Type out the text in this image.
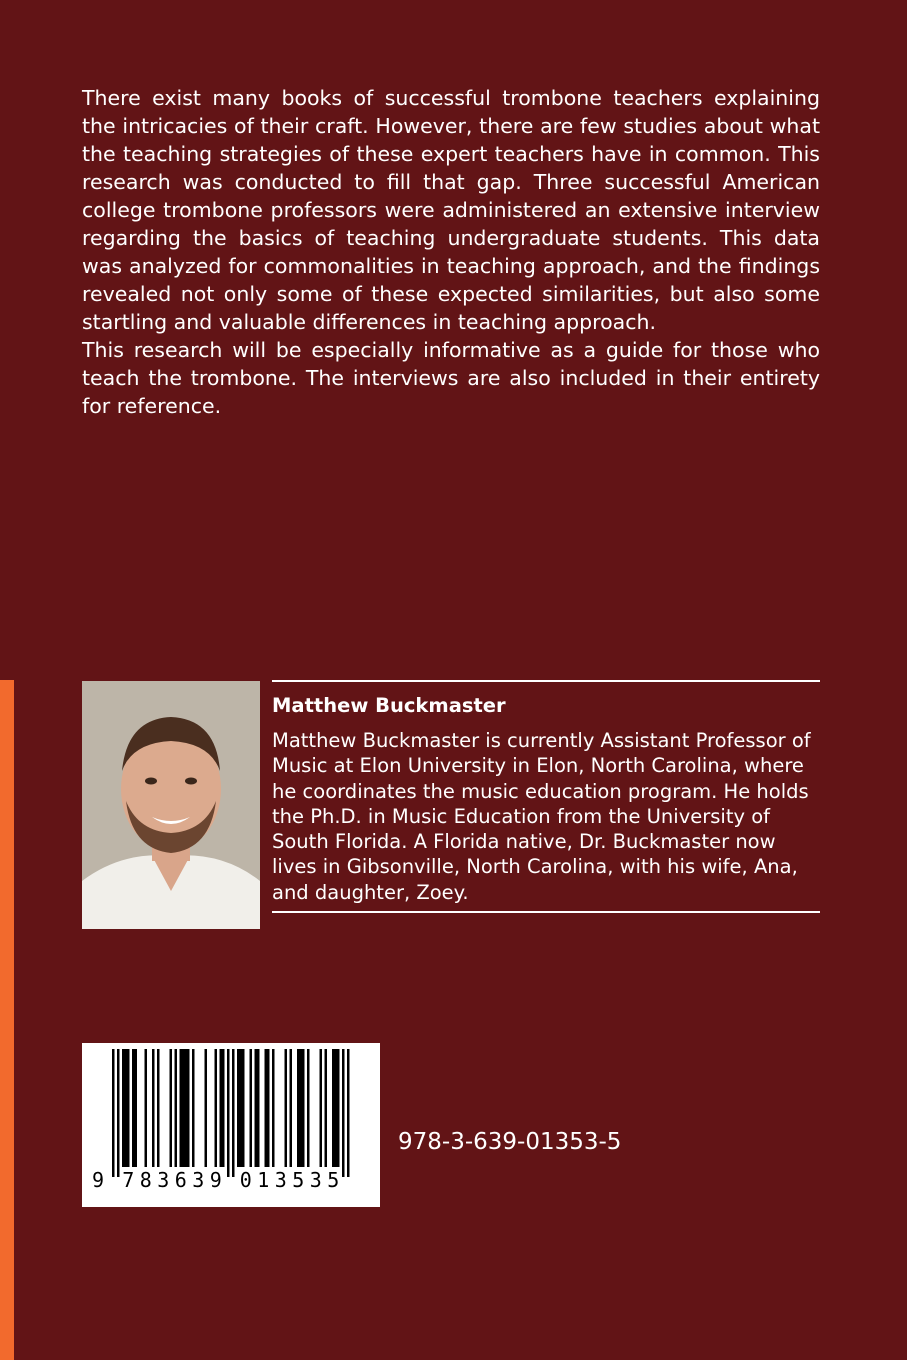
There exist many books of successful trombone teachers explaining the intricacies of their craft. However, there are few studies about what the teaching strategies of these expert teachers have in common. This research was conducted to fill that gap. Three successful American college trombone professors were administered an extensive interview regarding the basics of teaching undergraduate students. This data was analyzed for commonalities in teaching approach, and the findings revealed not only some of these expected similarities, but also some startling and valuable differences in teaching approach.

This research will be especially informative as a guide for those who teach the trombone. The interviews are also included in their entirety for reference.

Matthew Buckmaster
Matthew Buckmaster is currently Assistant Professor of Music at Elon University in Elon, North Carolina, where he coordinates the music education program. He holds the Ph.D. in Music Education from the University of South Florida. A Florida native, Dr. Buckmaster now lives in Gibsonville, North Carolina, with his wife, Ana, and daughter, Zoey.
9 7 8 3 6 3 9 0 1 3 5 3 5
978-3-639-01353-5
